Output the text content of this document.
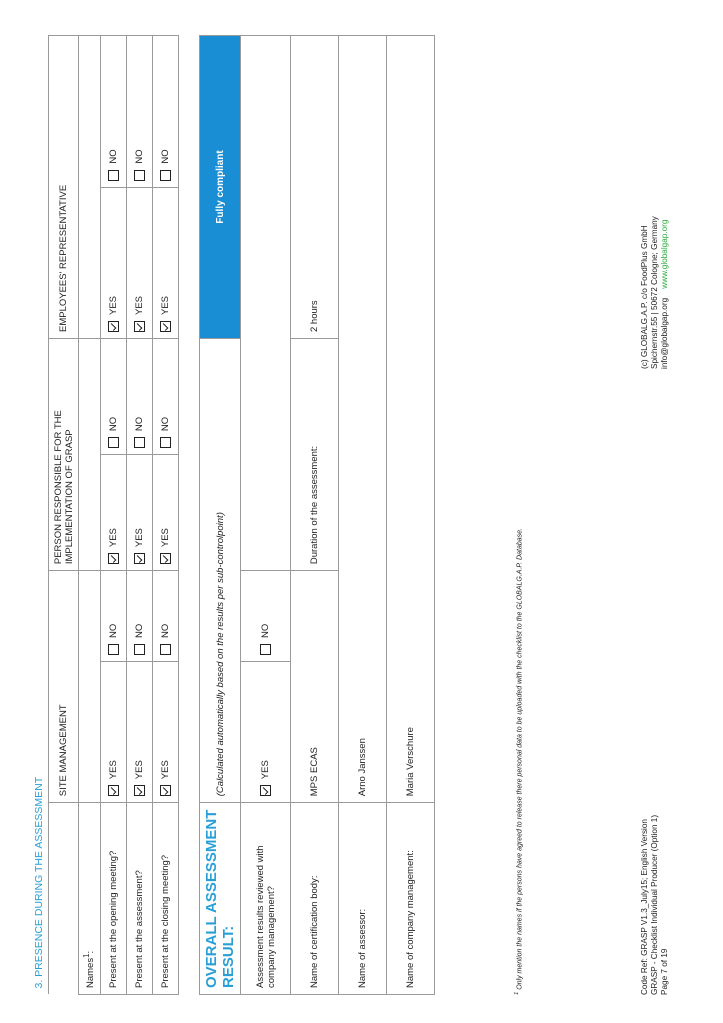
3. PRESENCE DURING THE ASSESSMENT						
	SITE MANAGEMENT		PERSON RESPONSIBLE FOR THE IMPLEMENTATION OF GRASP		EMPLOYEES' REPRESENTATIVE	
Names$^1$:						
Present at the opening meeting?	YES	NO	YES	NO	YES	NO
Present at the assessment?	YES	NO	YES	NO	YES	NO
Present at the closing meeting?	YES	NO	YES	NO	YES	NO

OVERALL ASSESSMENT RESULT:	(Calculated automatically based on the results per sub-controlpoint)				Fully compliant	
Assessment results reviewed with company management?	YES	NO				
Name of certification body:	MPS ECAS		Duration of the assessment:		2 hours	
Name of assessor:	Arno Janssen					
Name of company management:	Maria Verschure					
$^1$ Only mention the names if the persons have agreed to release there personal data to be uploaded with the checklist to the GLOBALG.A.P. Database.	Code Ref: GRASP V1.3_July15; English Version GRASP - Checklist Individual Producer (Option 1) Page 7 of 19
(c) GLOBALG.A.P. c/o FoodPlus GmbH Spichernstr.55 | 50672 Cologne; Germany info@globalgap.org    www.globalgap.org
